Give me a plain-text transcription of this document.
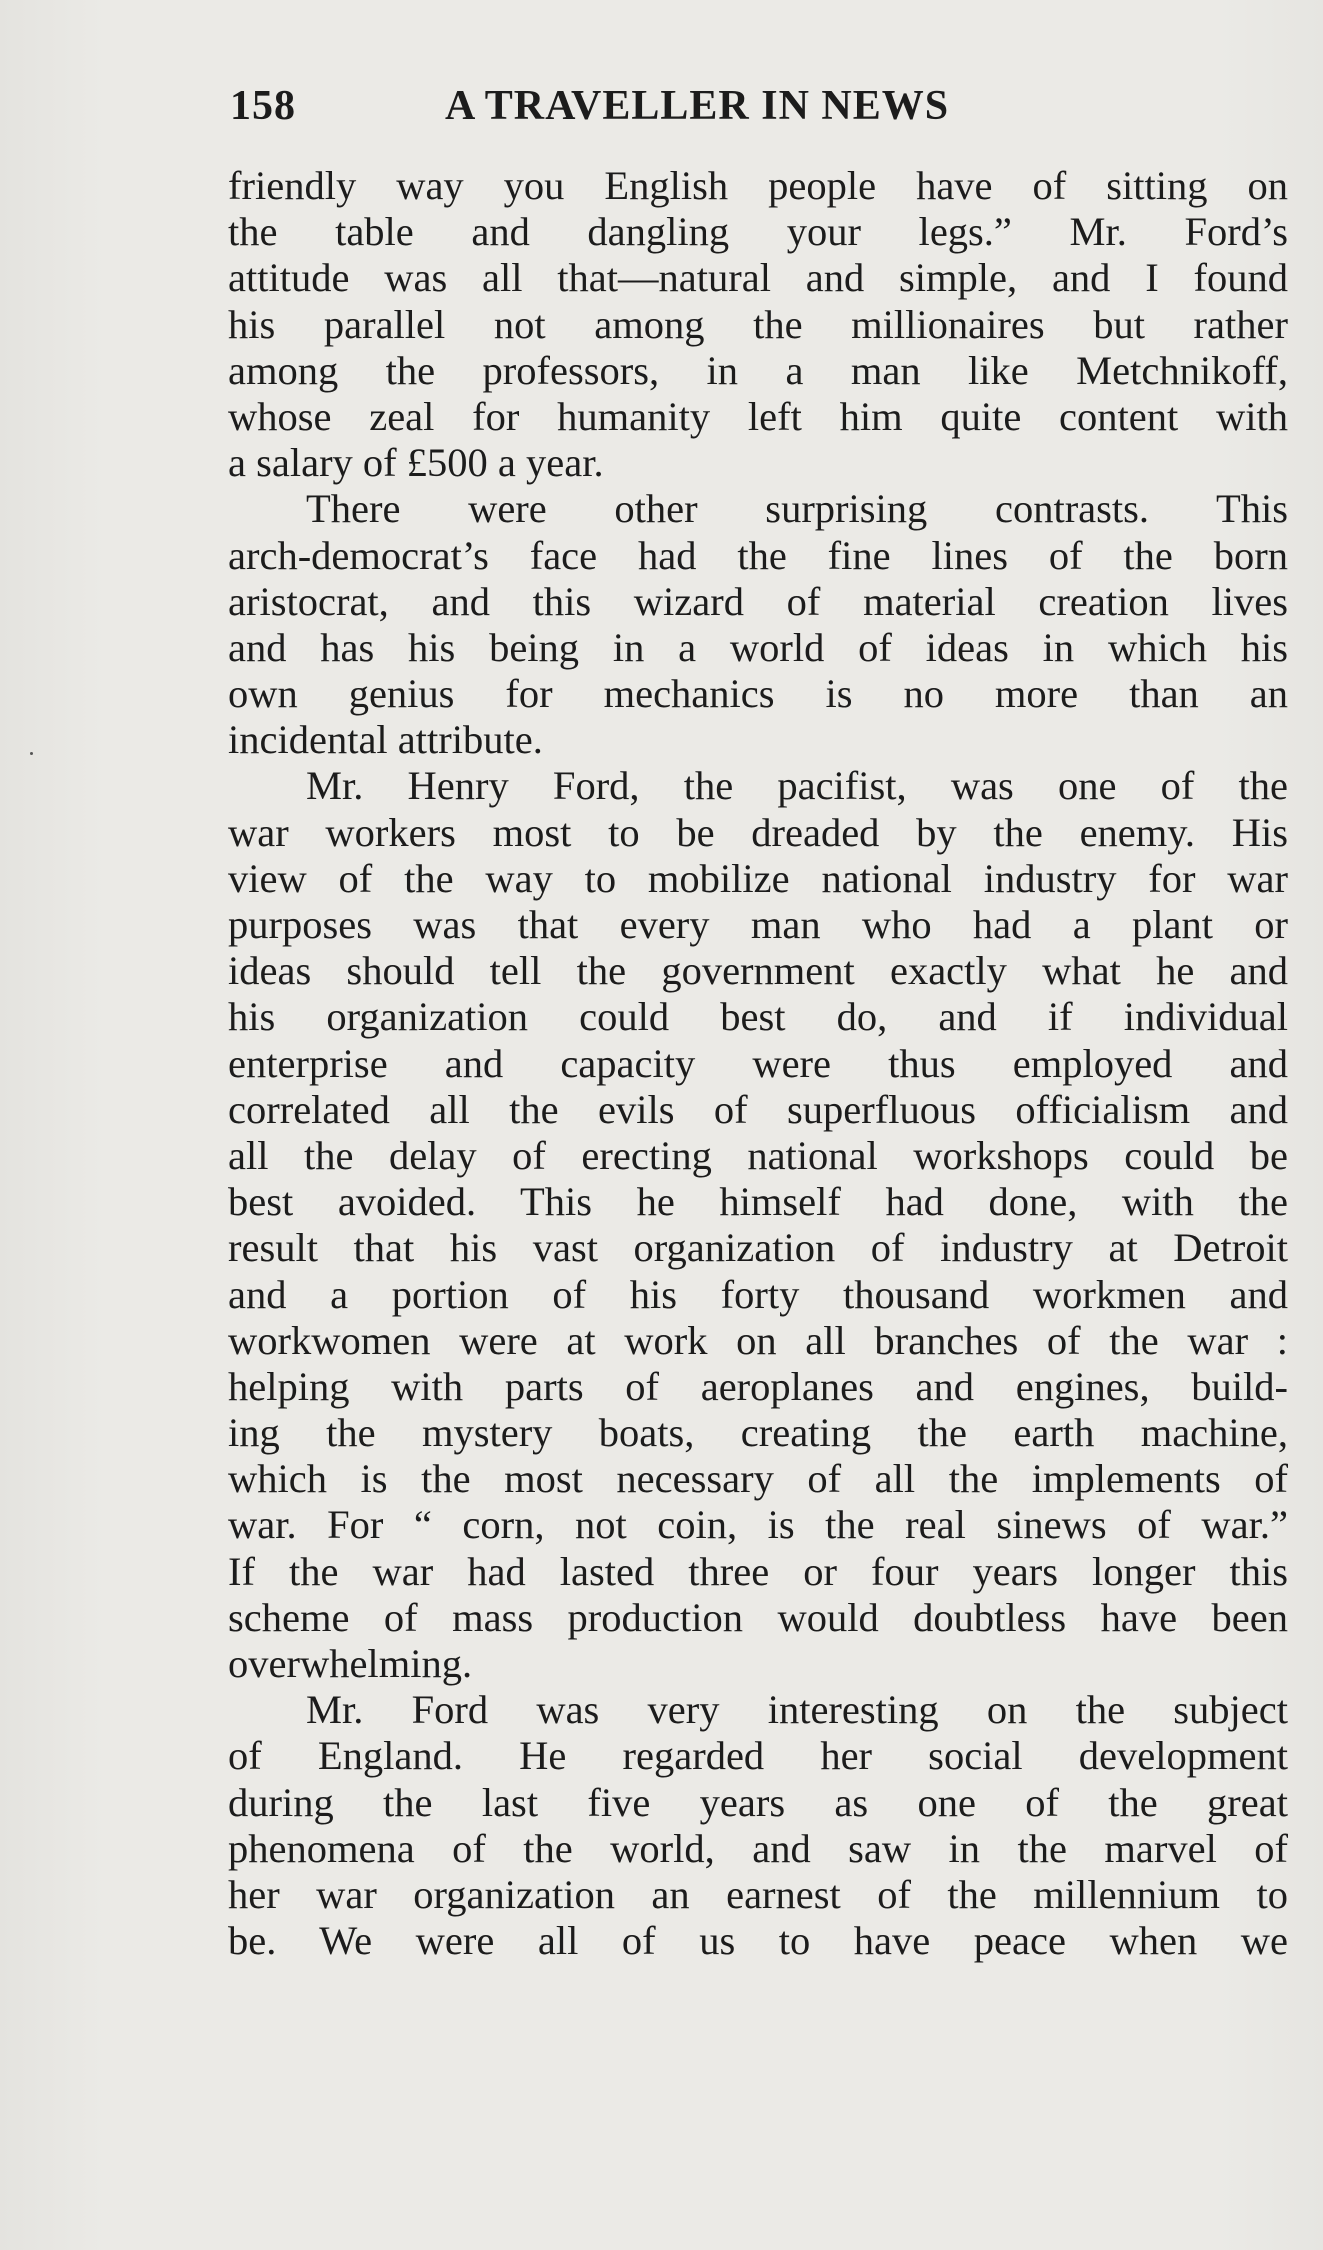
158	A TRAVELLER IN NEWS
friendly way you English people have of sitting on
the table and dangling your legs.” Mr. Ford’s
attitude was all that—natural and simple, and I found
his parallel not among the millionaires but rather
among the professors, in a man like Metchnikoff,
whose zeal for humanity left him quite content with
a salary of £500 a year.
There were other surprising contrasts. This
arch-democrat’s face had the fine lines of the born
aristocrat, and this wizard of material creation lives
and has his being in a world of ideas in which his
own genius for mechanics is no more than an
incidental attribute.
Mr. Henry Ford, the pacifist, was one of the
war workers most to be dreaded by the enemy. His
view of the way to mobilize national industry for war
purposes was that every man who had a plant or
ideas should tell the government exactly what he and
his organization could best do, and if individual
enterprise and capacity were thus employed and
correlated all the evils of superfluous officialism and
all the delay of erecting national workshops could be
best avoided. This he himself had done, with the
result that his vast organization of industry at Detroit
and a portion of his forty thousand workmen and
workwomen were at work on all branches of the war :
helping with parts of aeroplanes and engines, build-
ing the mystery boats, creating the earth machine,
which is the most necessary of all the implements of
war. For “ corn, not coin, is the real sinews of war.”
If the war had lasted three or four years longer this
scheme of mass production would doubtless have been
overwhelming.
Mr. Ford was very interesting on the subject
of England. He regarded her social development
during the last five years as one of the great
phenomena of the world, and saw in the marvel of
her war organization an earnest of the millennium to
be. We were all of us to have peace when we
